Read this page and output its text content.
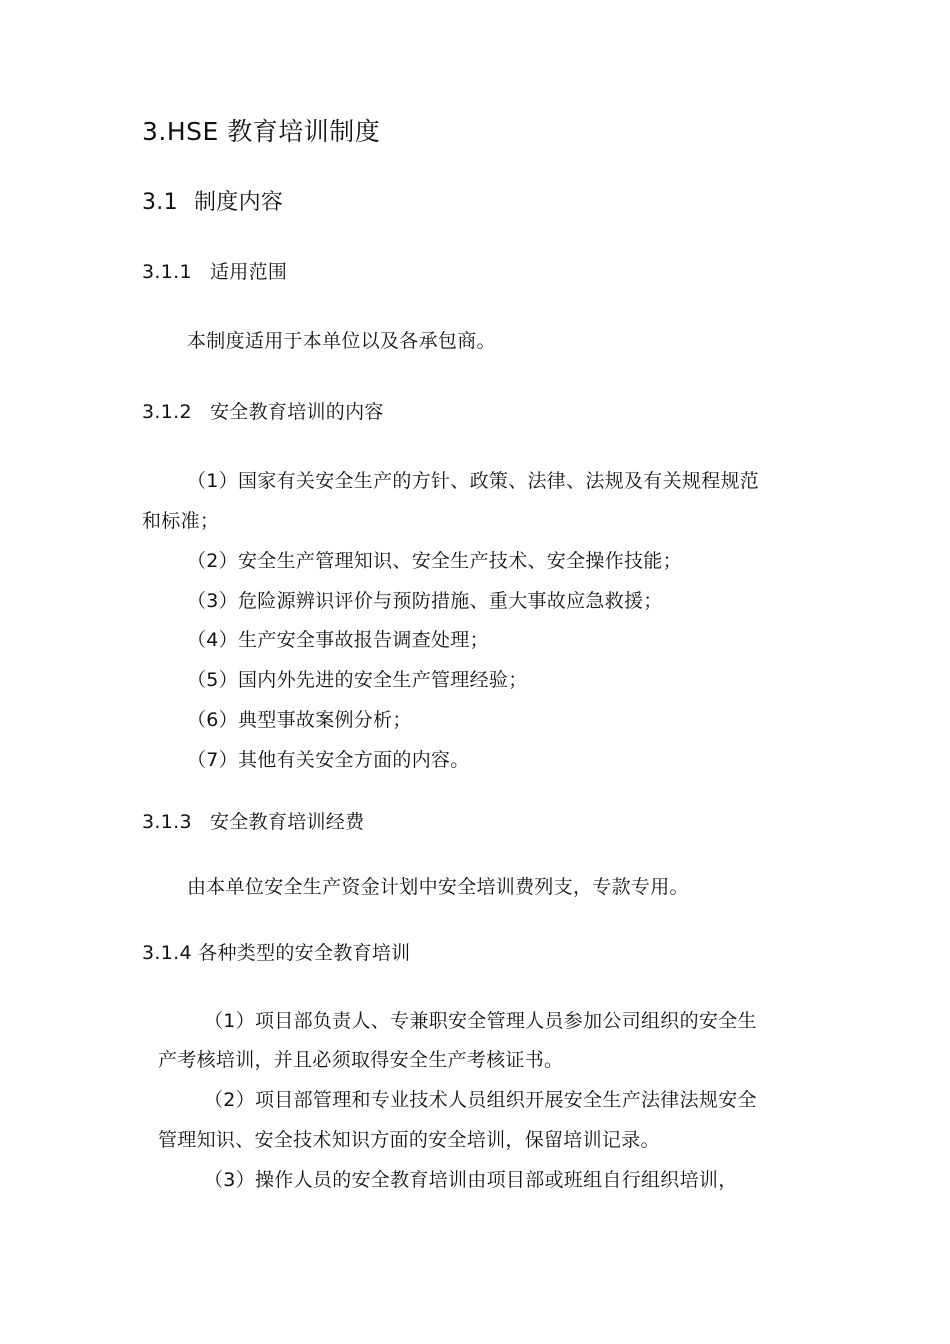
3.HSE 教育培训制度
3.1 制度内容
3.1.1 适用范围
本制度适用于本单位以及各承包商。
3.1.2 安全教育培训的内容
（1）国家有关安全生产的方针、政策、法律、法规及有关规程规范
和标准；
（2）安全生产管理知识、安全生产技术、安全操作技能；
（3）危险源辨识评价与预防措施、重大事故应急救援；
（4）生产安全事故报告调查处理；
（5）国内外先进的安全生产管理经验；
（6）典型事故案例分析；
（7）其他有关安全方面的内容。
3.1.3 安全教育培训经费
由本单位安全生产资金计划中安全培训费列支，专款专用。
3.1.4 各种类型的安全教育培训
（1）项目部负责人、专兼职安全管理人员参加公司组织的安全生
产考核培训，并且必须取得安全生产考核证书。
（2）项目部管理和专业技术人员组织开展安全生产法律法规安全
管理知识、安全技术知识方面的安全培训，保留培训记录。
（3）操作人员的安全教育培训由项目部或班组自行组织培训，
